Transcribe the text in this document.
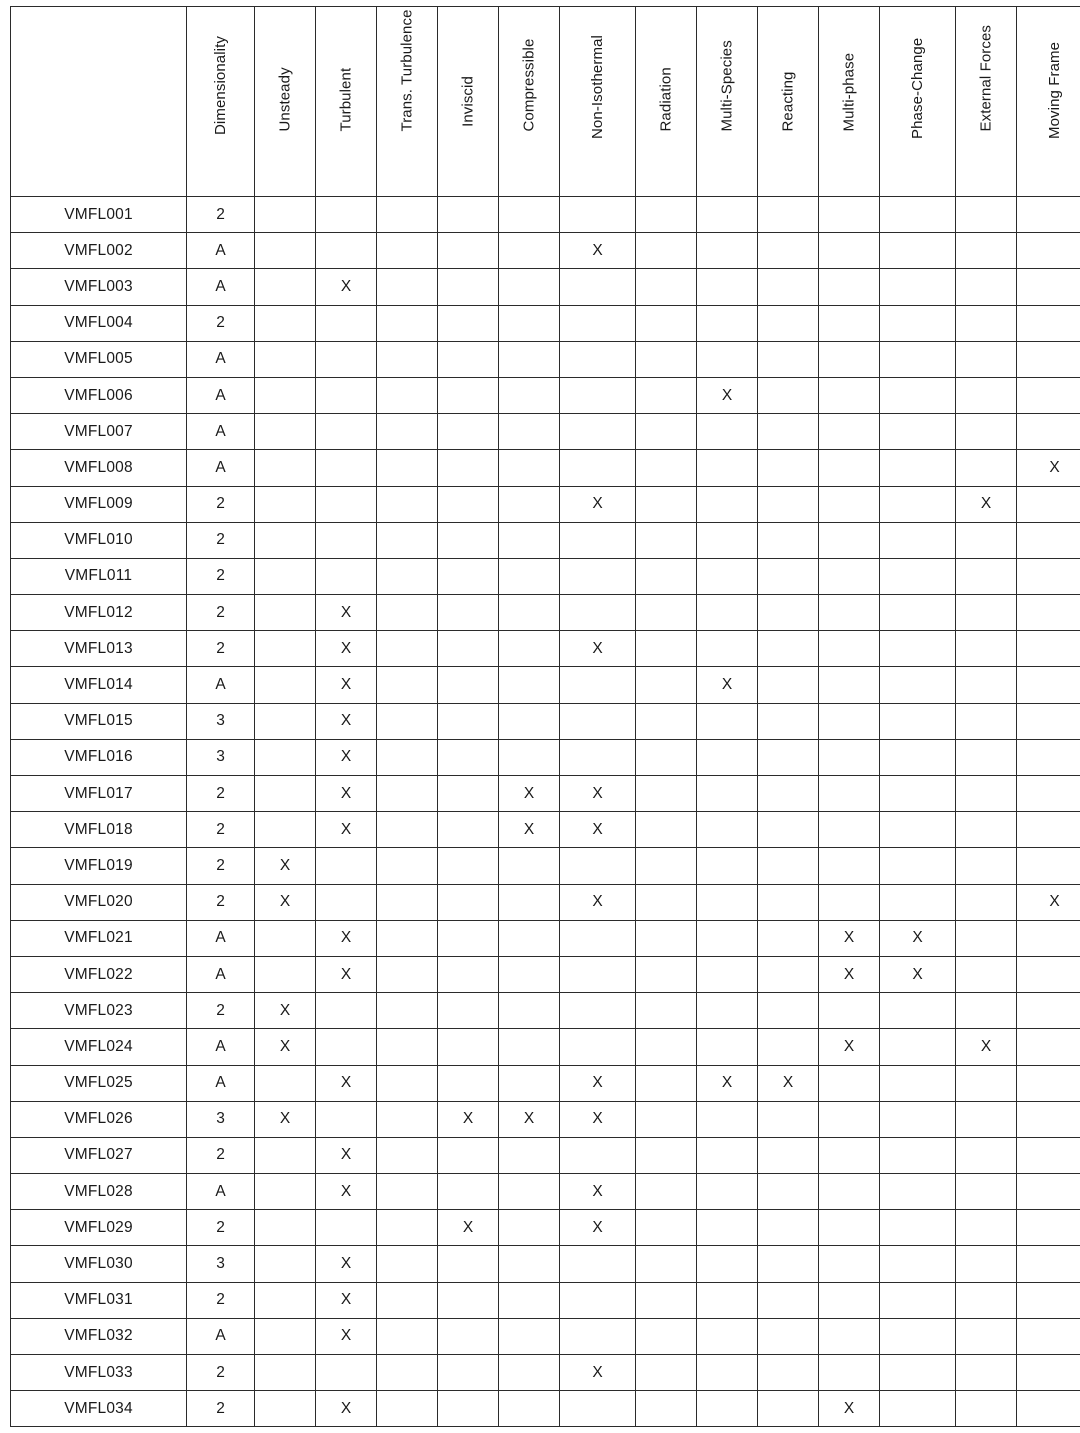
	Dimensionality	Unsteady	Turbulent	Trans. Turbulence	Inviscid	Compressible	Non-Isothermal	Radiation	Multi-Species	Reacting	Multi-phase	Phase-Change	External Forces	Moving Frame

VMFL001	2													
VMFL002	A						X							
VMFL003	A		X											
VMFL004	2													
VMFL005	A													
VMFL006	A								X					
VMFL007	A													
VMFL008	A													X
VMFL009	2						X						X	
VMFL010	2													
VMFL011	2													
VMFL012	2		X											
VMFL013	2		X				X							
VMFL014	A		X						X					
VMFL015	3		X											
VMFL016	3		X											
VMFL017	2		X			X	X							
VMFL018	2		X			X	X							
VMFL019	2	X												
VMFL020	2	X					X							X
VMFL021	A		X								X	X		
VMFL022	A		X								X	X		
VMFL023	2	X												
VMFL024	A	X									X		X	
VMFL025	A		X				X		X	X				
VMFL026	3	X			X	X	X							
VMFL027	2		X											
VMFL028	A		X				X							
VMFL029	2				X		X							
VMFL030	3		X											
VMFL031	2		X											
VMFL032	A		X											
VMFL033	2						X							
VMFL034	2		X								X			
